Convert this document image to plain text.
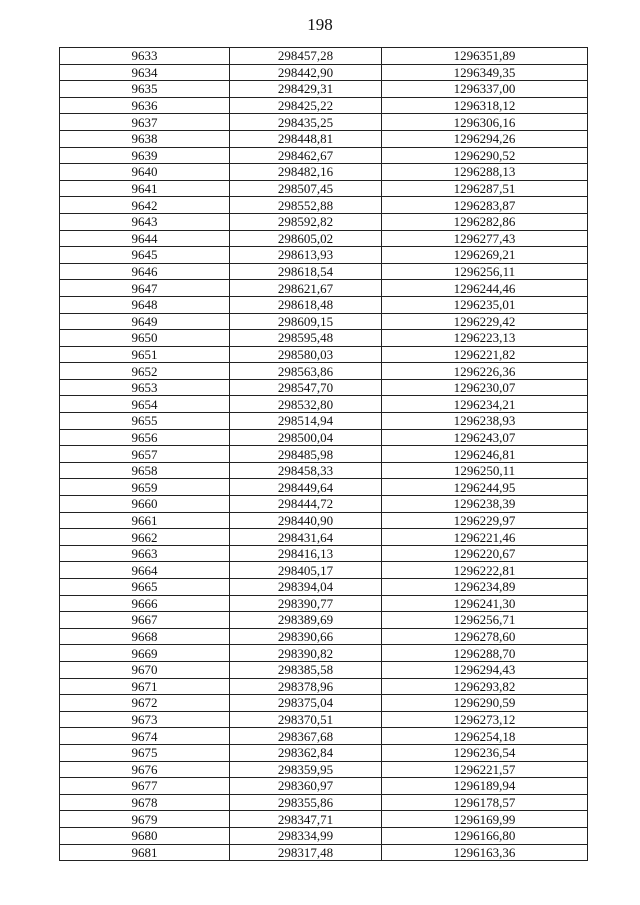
198
9633	298457,28	1296351,89
9634	298442,90	1296349,35
9635	298429,31	1296337,00
9636	298425,22	1296318,12
9637	298435,25	1296306,16
9638	298448,81	1296294,26
9639	298462,67	1296290,52
9640	298482,16	1296288,13
9641	298507,45	1296287,51
9642	298552,88	1296283,87
9643	298592,82	1296282,86
9644	298605,02	1296277,43
9645	298613,93	1296269,21
9646	298618,54	1296256,11
9647	298621,67	1296244,46
9648	298618,48	1296235,01
9649	298609,15	1296229,42
9650	298595,48	1296223,13
9651	298580,03	1296221,82
9652	298563,86	1296226,36
9653	298547,70	1296230,07
9654	298532,80	1296234,21
9655	298514,94	1296238,93
9656	298500,04	1296243,07
9657	298485,98	1296246,81
9658	298458,33	1296250,11
9659	298449,64	1296244,95
9660	298444,72	1296238,39
9661	298440,90	1296229,97
9662	298431,64	1296221,46
9663	298416,13	1296220,67
9664	298405,17	1296222,81
9665	298394,04	1296234,89
9666	298390,77	1296241,30
9667	298389,69	1296256,71
9668	298390,66	1296278,60
9669	298390,82	1296288,70
9670	298385,58	1296294,43
9671	298378,96	1296293,82
9672	298375,04	1296290,59
9673	298370,51	1296273,12
9674	298367,68	1296254,18
9675	298362,84	1296236,54
9676	298359,95	1296221,57
9677	298360,97	1296189,94
9678	298355,86	1296178,57
9679	298347,71	1296169,99
9680	298334,99	1296166,80
9681	298317,48	1296163,36
